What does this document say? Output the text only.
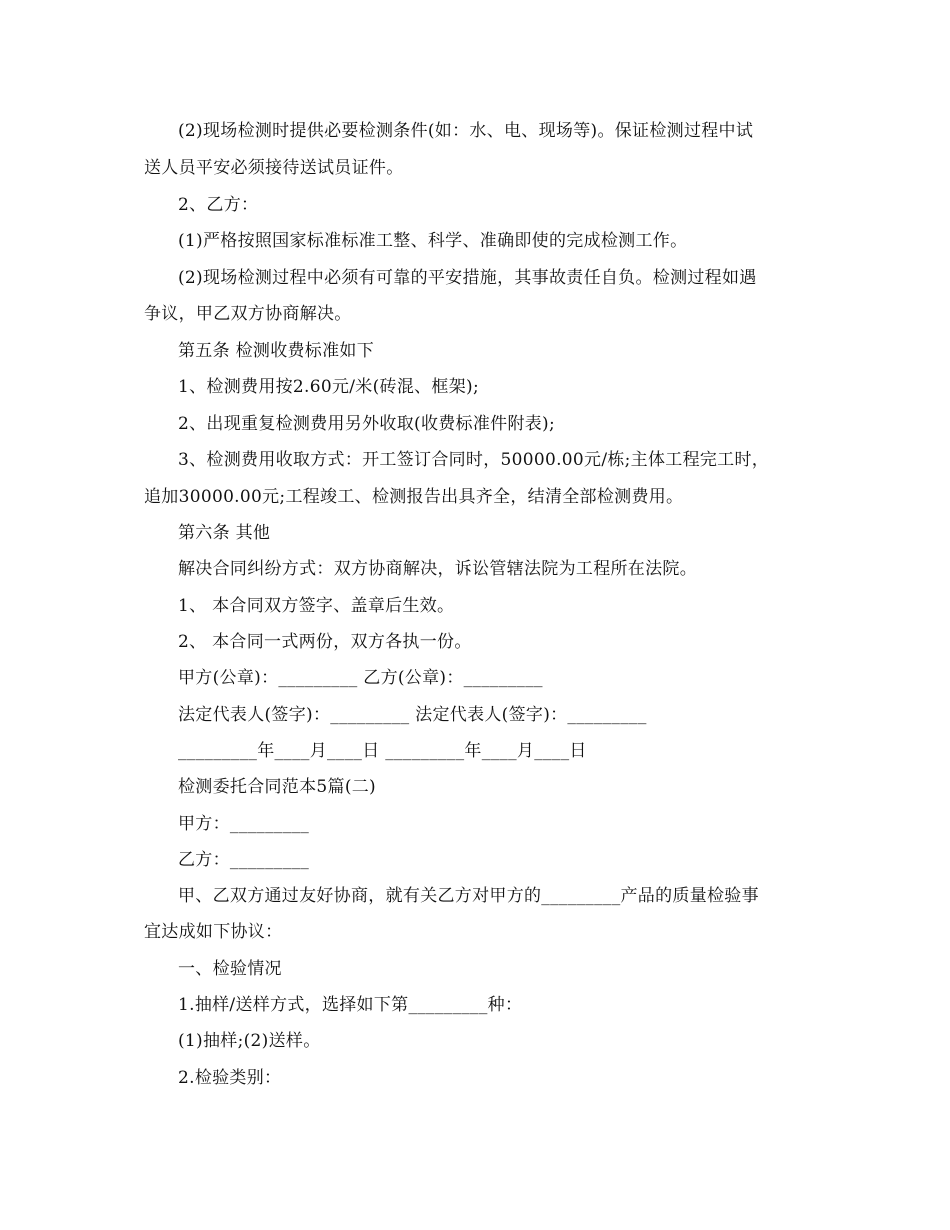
(2)现场检测时提供必要检测条件(如：水、电、现场等)。保证检测过程中试
送人员平安必须接待送试员证件。
2、乙方：
(1)严格按照国家标准标准工整、科学、准确即使的完成检测工作。
(2)现场检测过程中必须有可靠的平安措施，其事故责任自负。检测过程如遇
争议，甲乙双方协商解决。
第五条 检测收费标准如下
1、检测费用按2.60元/米(砖混、框架);
2、出现重复检测费用另外收取(收费标准件附表);
3、检测费用收取方式：开工签订合同时，50000.00元/栋;主体工程完工时，
追加30000.00元;工程竣工、检测报告出具齐全，结清全部检测费用。
第六条 其他
解决合同纠纷方式：双方协商解决，诉讼管辖法院为工程所在法院。
1、 本合同双方签字、盖章后生效。
2、 本合同一式两份，双方各执一份。
甲方(公章)：_________ 乙方(公章)：_________
法定代表人(签字)：_________ 法定代表人(签字)：_________
_________年____月____日 _________年____月____日
检测委托合同范本5篇(二)
甲方：_________
乙方：_________
甲、乙双方通过友好协商，就有关乙方对甲方的_________产品的质量检验事
宜达成如下协议：
一、检验情况
1.抽样/送样方式，选择如下第_________种：
(1)抽样;(2)送样。
2.检验类别：
